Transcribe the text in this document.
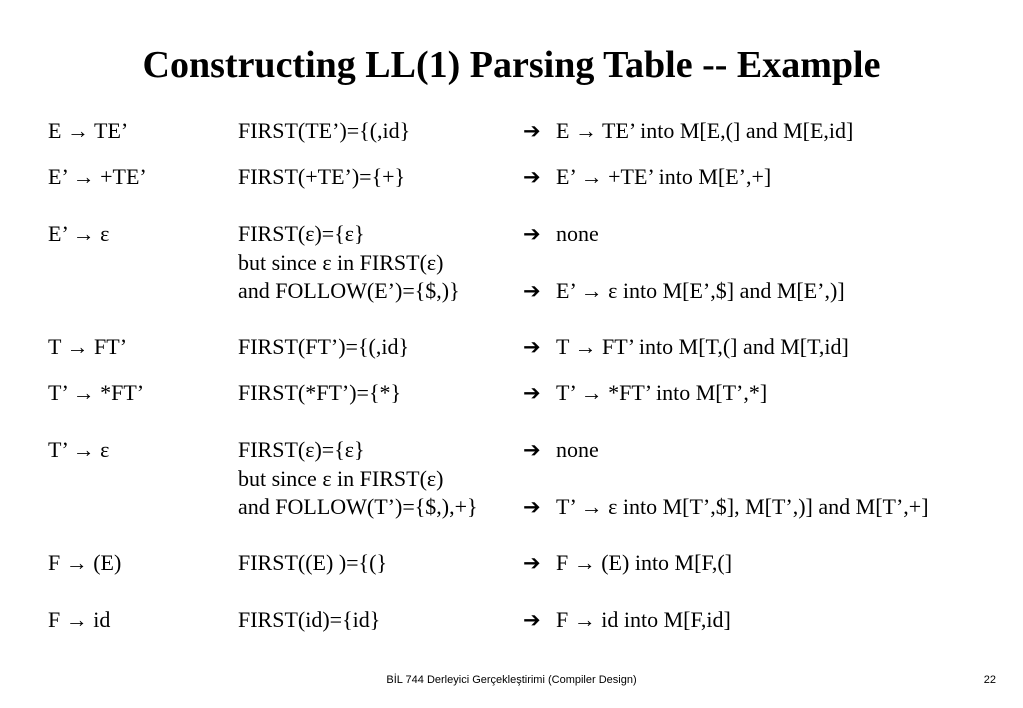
Constructing LL(1) Parsing Table -- Example
E → TE’	FIRST(TE’)={(,id}	➔ E → TE’ into M[E,(] and M[E,id]
E’ → +TE’	FIRST(+TE’)={+}	➔ E’ → +TE’ into M[E’,+]
E’ → ε	FIRST(ε)={ε}	➔ none
but since ε in FIRST(ε)
and FOLLOW(E’)={$,)}	➔ E’ → ε into M[E’,$] and M[E’,)]
T → FT’	FIRST(FT’)={(,id}	➔ T → FT’ into M[T,(] and M[T,id]
T’ → *FT’	FIRST(*FT’)={*}	➔ T’ → *FT’ into M[T’,*]
T’ → ε	FIRST(ε)={ε}	➔ none
but since ε in FIRST(ε)
and FOLLOW(T’)={$,),+} ➔ T’ → ε into M[T’,$], M[T’,)] and M[T’,+]
F → (E)	FIRST((E) )={(}	➔ F → (E) into M[F,(]
F → id	FIRST(id)={id}	➔ F → id into M[F,id]
BİL 744 Derleyici Gerçekleştirimi (Compiler Design)	22
